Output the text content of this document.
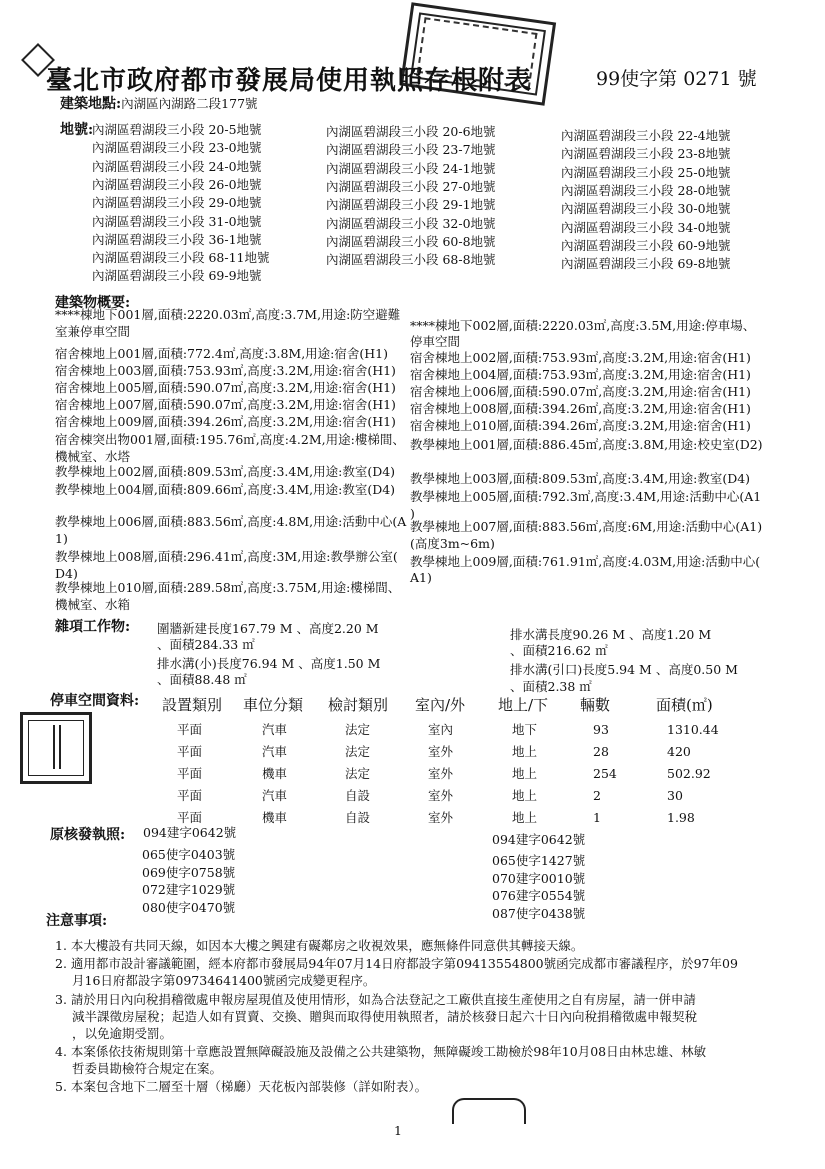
臺北市政府都市發展局使用執照存根附表	99使字第 0271 號
建築地點:內湖區內湖路二段177號
地號:
內湖區碧湖段三小段 20-5地號
內湖區碧湖段三小段 23-0地號
內湖區碧湖段三小段 24-0地號
內湖區碧湖段三小段 26-0地號
內湖區碧湖段三小段 29-0地號
內湖區碧湖段三小段 31-0地號
內湖區碧湖段三小段 36-1地號
內湖區碧湖段三小段 68-11地號
內湖區碧湖段三小段 69-9地號
內湖區碧湖段三小段 20-6地號
內湖區碧湖段三小段 23-7地號
內湖區碧湖段三小段 24-1地號
內湖區碧湖段三小段 27-0地號
內湖區碧湖段三小段 29-1地號
內湖區碧湖段三小段 32-0地號
內湖區碧湖段三小段 60-8地號
內湖區碧湖段三小段 68-8地號
內湖區碧湖段三小段 22-4地號
內湖區碧湖段三小段 23-8地號
內湖區碧湖段三小段 25-0地號
內湖區碧湖段三小段 28-0地號
內湖區碧湖段三小段 30-0地號
內湖區碧湖段三小段 34-0地號
內湖區碧湖段三小段 60-9地號
內湖區碧湖段三小段 69-8地號
建築物概要:
****棟地下001層,面積:2220.03㎡,高度:3.7M,用途:防空避難
室兼停車空間
宿舍棟地上001層,面積:772.4㎡,高度:3.8M,用途:宿舍(H1)
宿舍棟地上003層,面積:753.93㎡,高度:3.2M,用途:宿舍(H1)
宿舍棟地上005層,面積:590.07㎡,高度:3.2M,用途:宿舍(H1)
宿舍棟地上007層,面積:590.07㎡,高度:3.2M,用途:宿舍(H1)
宿舍棟地上009層,面積:394.26㎡,高度:3.2M,用途:宿舍(H1)
宿舍棟突出物001層,面積:195.76㎡,高度:4.2M,用途:樓梯間、
機械室、水塔
教學棟地上002層,面積:809.53㎡,高度:3.4M,用途:教室(D4)
教學棟地上004層,面積:809.66㎡,高度:3.4M,用途:教室(D4)
教學棟地上006層,面積:883.56㎡,高度:4.8M,用途:活動中心(A
1)
教學棟地上008層,面積:296.41㎡,高度:3M,用途:教學辦公室(
D4)
教學棟地上010層,面積:289.58㎡,高度:3.75M,用途:樓梯間、
機械室、水箱
****棟地下002層,面積:2220.03㎡,高度:3.5M,用途:停車場、
停車空間
宿舍棟地上002層,面積:753.93㎡,高度:3.2M,用途:宿舍(H1)
宿舍棟地上004層,面積:753.93㎡,高度:3.2M,用途:宿舍(H1)
宿舍棟地上006層,面積:590.07㎡,高度:3.2M,用途:宿舍(H1)
宿舍棟地上008層,面積:394.26㎡,高度:3.2M,用途:宿舍(H1)
宿舍棟地上010層,面積:394.26㎡,高度:3.2M,用途:宿舍(H1)
教學棟地上001層,面積:886.45㎡,高度:3.8M,用途:校史室(D2)
教學棟地上003層,面積:809.53㎡,高度:3.4M,用途:教室(D4)
教學棟地上005層,面積:792.3㎡,高度:3.4M,用途:活動中心(A1
)
教學棟地上007層,面積:883.56㎡,高度:6M,用途:活動中心(A1)
(高度3m~6m)
教學棟地上009層,面積:761.91㎡,高度:4.03M,用途:活動中心(
A1)
雜項工作物: 圍牆新建長度167.79 M 、高度2.20 M
、面積284.33 ㎡
排水溝(小)長度76.94 M 、高度1.50 M
、面積88.48 ㎡
排水溝長度90.26 M 、高度1.20 M
、面積216.62 ㎡
排水溝(引口)長度5.94 M 、高度0.50 M
、面積2.38 ㎡
停車空間資料: 設置類別 車位分類 檢討類別 室內/外 地上/下 輛數	面積(㎡)
平面	汽車	法定	室內	地下	93	1310.44
平面	汽車	法定	室外	地上	28	420
平面	機車	法定	室外	地上	254	502.92
平面	汽車	自設	室外	地上	2	30
平面	機車	自設	室外	地上	1	1.98
原核發執照: 094建字0642號
065使字0403號
069使字0758號
072建字1029號
080使字0470號
094建字0642號
065使字1427號
070建字0010號
076建字0554號
087使字0438號
注意事項:
1. 本大樓設有共同天線，如因本大樓之興建有礙鄰房之收視效果，應無條件同意供其轉接天線。
2. 適用都市設計審議範圍，經本府都市發展局94年07月14日府都設字第09413554800號函完成都市審議程序，於97年09
月16日府都設字第09734641400號函完成變更程序。
3. 請於用日內向稅捐稽徵處申報房屋現值及使用情形，如為合法登記之工廠供直接生產使用之自有房屋，請一併申請
減半課徵房屋稅；起造人如有買賣、交換、贈與而取得使用執照者，請於核發日起六十日內向稅捐稽徵處申報契稅
，以免逾期受罰。
4. 本案係依技術規則第十章應設置無障礙設施及設備之公共建築物，無障礙竣工勘檢於98年10月08日由林忠雄、林敏
哲委員勘檢符合規定在案。
5. 本案包含地下二層至十層（梯廳）天花板內部裝修（詳如附表）。
1
